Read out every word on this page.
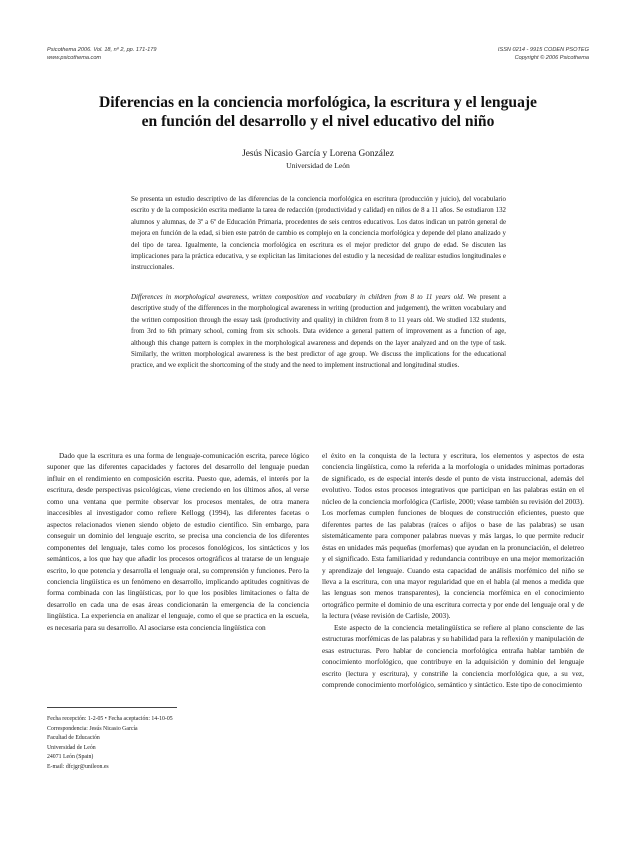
Psicothema 2006. Vol. 18, nº 2, pp. 171-179
www.psicothema.com
ISSN 0214 - 9915 CODEN PSOTEG
Copyright © 2006 Psicothema
Diferencias en la conciencia morfológica, la escritura y el lenguaje
en función del desarrollo y el nivel educativo del niño
Jesús Nicasio García y Lorena González
Universidad de León

Se presenta un estudio descriptivo de las diferencias de la conciencia morfológica en escritura (producción y juicio), del vocabulario escrito y de la composición escrita mediante la tarea de redacción (productividad y calidad) en niños de 8 a 11 años. Se estudiaron 132 alumnos y alumnas, de 3º a 6º de Educación Primaria, procedentes de seis centros educativos. Los datos indican un patrón general de mejora en función de la edad, si bien este patrón de cambio es complejo en la conciencia morfológica y depende del plano analizado y del tipo de tarea. Igualmente, la conciencia morfológica en escritura es el mejor predictor del grupo de edad. Se discuten las implicaciones para la práctica educativa, y se explicitan las limitaciones del estudio y la necesidad de realizar estudios longitudinales e instruccionales.

Differences in morphological awareness, written composition and vocabulary in children from 8 to 11 years old. We present a descriptive study of the differences in the morphological awareness in writing (production and judgement), the written vocabulary and the written composition through the essay task (productivity and quality) in children from 8 to 11 years old. We studied 132 students, from 3rd to 6th primary school, coming from six schools. Data evidence a general pattern of improvement as a function of age, although this change pattern is complex in the morphological awareness and depends on the layer analyzed and on the type of task. Similarly, the written morphological awareness is the best predictor of age group. We discuss the implications for the educational practice, and we explicit the shortcoming of the study and the need to implement instructional and longitudinal studies.

Dado que la escritura es una forma de lenguaje-comunicación escrita, parece lógico suponer que las diferentes capacidades y factores del desarrollo del lenguaje puedan influir en el rendimiento en composición escrita. Puesto que, además, el interés por la escritura, desde perspectivas psicológicas, viene creciendo en los últimos años, al verse como una ventana que permite observar los procesos mentales, de otra manera inaccesibles al investigador como refiere Kellogg (1994), las diferentes facetas o aspectos relacionados vienen siendo objeto de estudio científico. Sin embargo, para conseguir un dominio del lenguaje escrito, se precisa una conciencia de los diferentes componentes del lenguaje, tales como los procesos fonológicos, los sintácticos y los semánticos, a los que hay que añadir los procesos ortográficos al tratarse de un lenguaje escrito, lo que potencia y desarrolla el lenguaje oral, su comprensión y funciones. Pero la conciencia lingüística es un fenómeno en desarrollo, implicando aptitudes cognitivas de forma combinada con las lingüísticas, por lo que los posibles limitaciones o falta de desarrollo en cada una de esas áreas condicionarán la emergencia de la conciencia lingüística. La experiencia en analizar el lenguaje, como el que se practica en la escuela, es necesaria para su desarrollo. Al asociarse esta conciencia lingüística con

el éxito en la conquista de la lectura y escritura, los elementos y aspectos de esta conciencia lingüística, como la referida a la morfología o unidades mínimas portadoras de significado, es de especial interés desde el punto de vista instruccional, además del evolutivo. Todos estos procesos integrativos que participan en las palabras están en el núcleo de la conciencia morfológica (Carlisle, 2000; véase también su revisión del 2003). Los morfemas cumplen funciones de bloques de construcción eficientes, puesto que diferentes partes de las palabras (raíces o afijos o base de las palabras) se usan sistemáticamente para componer palabras nuevas y más largas, lo que permite reducir éstas en unidades más pequeñas (morfemas) que ayudan en la pronunciación, el deletreo y el significado. Esta familiaridad y redundancia contribuye en una mejor memorización y aprendizaje del lenguaje. Cuando esta capacidad de análisis morfémico del niño se lleva a la escritura, con una mayor regularidad que en el habla (al menos a medida que las lenguas son menos transparentes), la conciencia morfémica en el conocimiento ortográfico permite el dominio de una escritura correcta y por ende del lenguaje oral y de la lectura (véase revisión de Carlisle, 2003).

Este aspecto de la conciencia metalingüística se refiere al plano consciente de las estructuras morfémicas de las palabras y su habilidad para la reflexión y manipulación de esas estructuras. Pero hablar de conciencia morfológica entraña hablar también de conocimiento morfológico, que contribuye en la adquisición y dominio del lenguaje escrito (lectura y escritura), y constriñe la conciencia morfológica que, a su vez, comprende conocimiento morfológico, semántico y sintáctico. Este tipo de conocimiento

Fecha recepción: 1-2-05 • Fecha aceptación: 14-10-05
Correspondencia: Jesús Nicasio García
Facultad de Educación
Universidad de León
24071 León (Spain)
E-mail: dfcjgr@unileon.es
